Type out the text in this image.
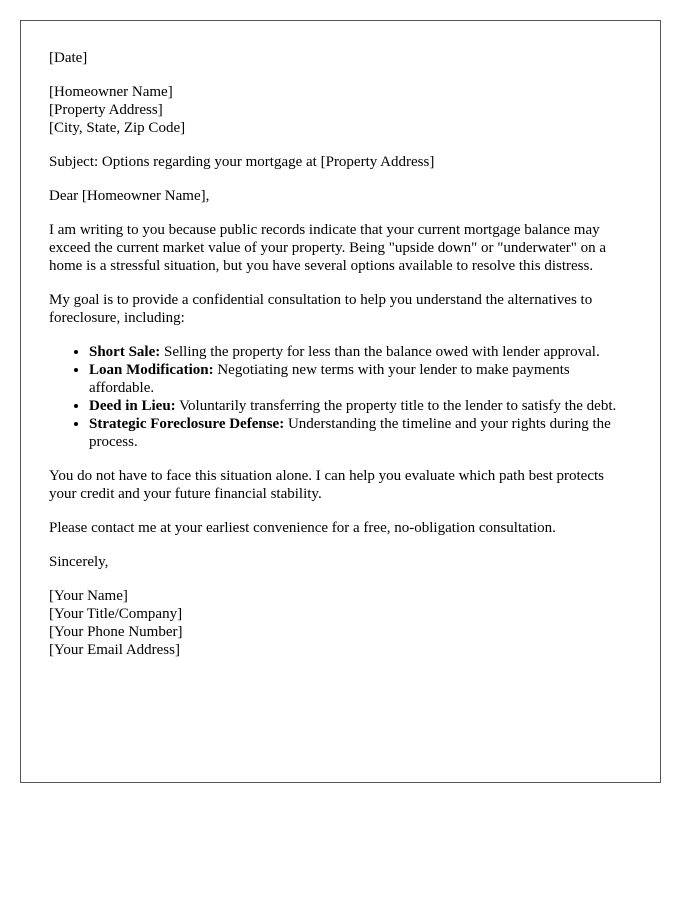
[Date]

[Homeowner Name]
[Property Address]
[City, State, Zip Code]

Subject: Options regarding your mortgage at [Property Address]

Dear [Homeowner Name],

I am writing to you because public records indicate that your current mortgage balance may exceed the current market value of your property. Being "upside down" or "underwater" on a home is a stressful situation, but you have several options available to resolve this distress.

My goal is to provide a confidential consultation to help you understand the alternatives to foreclosure, including:

• Short Sale: Selling the property for less than the balance owed with lender approval.
• Loan Modification: Negotiating new terms with your lender to make payments affordable.
• Deed in Lieu: Voluntarily transferring the property title to the lender to satisfy the debt.
• Strategic Foreclosure Defense: Understanding the timeline and your rights during the process.

You do not have to face this situation alone. I can help you evaluate which path best protects your credit and your future financial stability.

Please contact me at your earliest convenience for a free, no-obligation consultation.

Sincerely,

[Your Name]
[Your Title/Company]
[Your Phone Number]
[Your Email Address]
